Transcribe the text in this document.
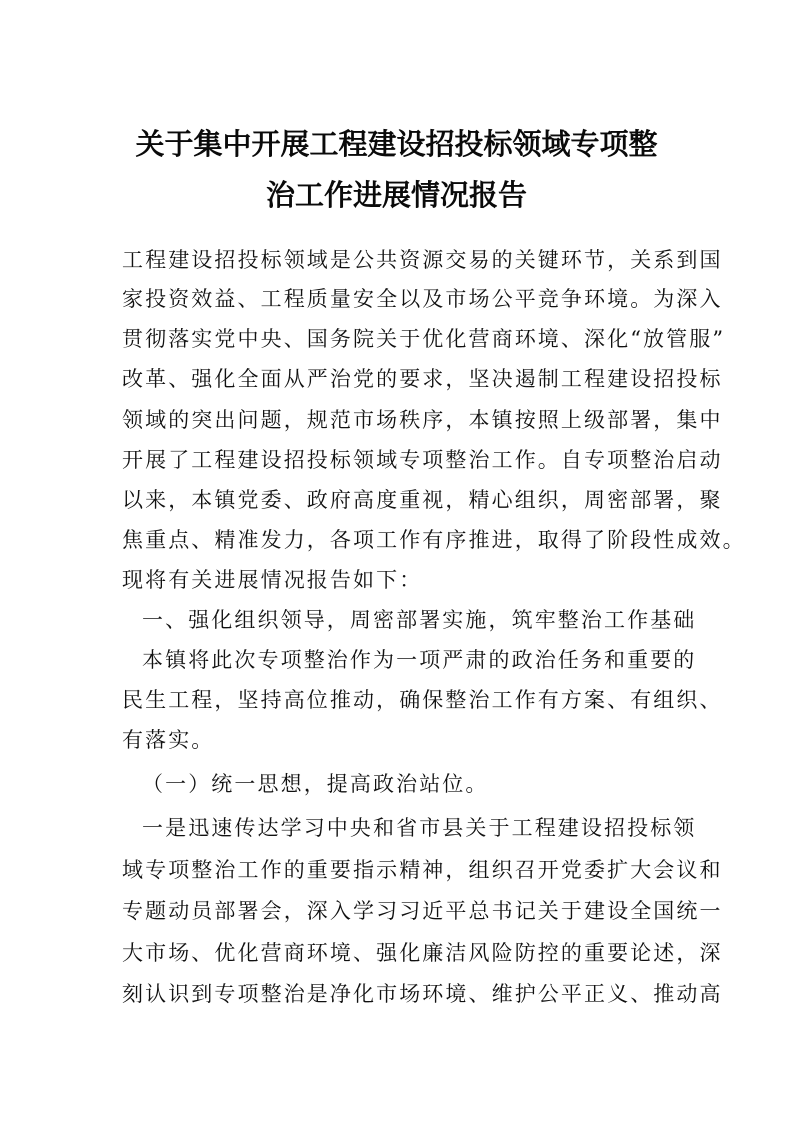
关于集中开展工程建设招投标领域专项整
治工作进展情况报告
工程建设招投标领域是公共资源交易的关键环节，关系到国
家投资效益、工程质量安全以及市场公平竞争环境。为深入
贯彻落实党中央、国务院关于优化营商环境、深化“放管服”
改革、强化全面从严治党的要求，坚决遏制工程建设招投标
领域的突出问题，规范市场秩序，本镇按照上级部署，集中
开展了工程建设招投标领域专项整治工作。自专项整治启动
以来，本镇党委、政府高度重视，精心组织，周密部署，聚
焦重点、精准发力，各项工作有序推进，取得了阶段性成效。
现将有关进展情况报告如下：
一、强化组织领导，周密部署实施，筑牢整治工作基础
本镇将此次专项整治作为一项严肃的政治任务和重要的
民生工程，坚持高位推动，确保整治工作有方案、有组织、
有落实。
（一）统一思想，提高政治站位。
一是迅速传达学习中央和省市县关于工程建设招投标领
域专项整治工作的重要指示精神，组织召开党委扩大会议和
专题动员部署会，深入学习习近平总书记关于建设全国统一
大市场、优化营商环境、强化廉洁风险防控的重要论述，深
刻认识到专项整治是净化市场环境、维护公平正义、推动高
